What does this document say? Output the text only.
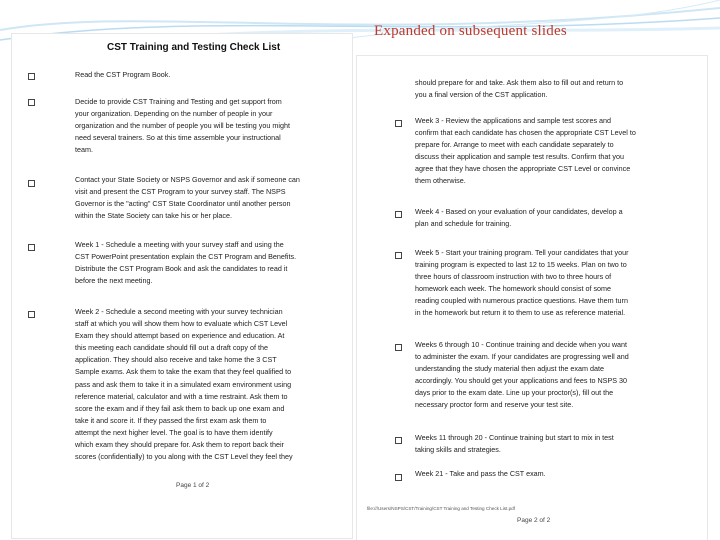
Expanded on subsequent slides
CST Training and Testing Check List
Read the CST Program Book.
Decide to provide CST Training and Testing and get support from
your organization. Depending on the number of people in your
organization and the number of people you will be testing you might
need several trainers. So at this time assemble your instructional
team.
Contact your State Society or NSPS Governor and ask if someone can
visit and present the CST Program to your survey staff. The NSPS
Governor is the "acting" CST State Coordinator until another person
within the State Society can take his or her place.
Week 1 - Schedule a meeting with your survey staff and using the
CST PowerPoint presentation explain the CST Program and Benefits.
Distribute the CST Program Book and ask the candidates to read it
before the next meeting.
Week 2 - Schedule a second meeting with your survey technician
staff at which you will show them how to evaluate which CST Level
Exam they should attempt based on experience and education. At
this meeting each candidate should fill out a draft copy of the
application. They should also receive and take home the 3 CST
Sample exams. Ask them to take the exam that they feel qualified to
pass and ask them to take it in a simulated exam environment using
reference material, calculator and with a time restraint. Ask them to
score the exam and if they fail ask them to back up one exam and
take it and score it. If they passed the first exam ask them to
attempt the next higher level. The goal is to have them identify
which exam they should prepare for. Ask them to report back their
scores (confidentially) to you along with the CST Level they feel they
Page 1 of 2
should prepare for and take. Ask them also to fill out and return to
you a final version of the CST application.
Week 3 - Review the applications and sample test scores and
confirm that each candidate has chosen the appropriate CST Level to
prepare for. Arrange to meet with each candidate separately to
discuss their application and sample test results. Confirm that you
agree that they have chosen the appropriate CST Level or convince
them otherwise.
Week 4 - Based on your evaluation of your candidates, develop a
plan and schedule for training.
Week 5 - Start your training program. Tell your candidates that your
training program is expected to last 12 to 15 weeks. Plan on two to
three hours of classroom instruction with two to three hours of
homework each week. The homework should consist of some
reading coupled with numerous practice questions. Have them turn
in the homework but return it to them to use as reference material.
Weeks 6 through 10 - Continue training and decide when you want
to administer the exam. If your candidates are progressing well and
understanding the study material then adjust the exam date
accordingly. You should get your applications and fees to NSPS 30
days prior to the exam date. Line up your proctor(s), fill out the
necessary proctor form and reserve your test site.
Weeks 11 through 20 - Continue training but start to mix in test
taking skills and strategies.
Week 21 - Take and pass the CST exam.
file:///Users/NSPS/CST/Training/CST Training and Testing Check List.pdf
Page 2 of 2
